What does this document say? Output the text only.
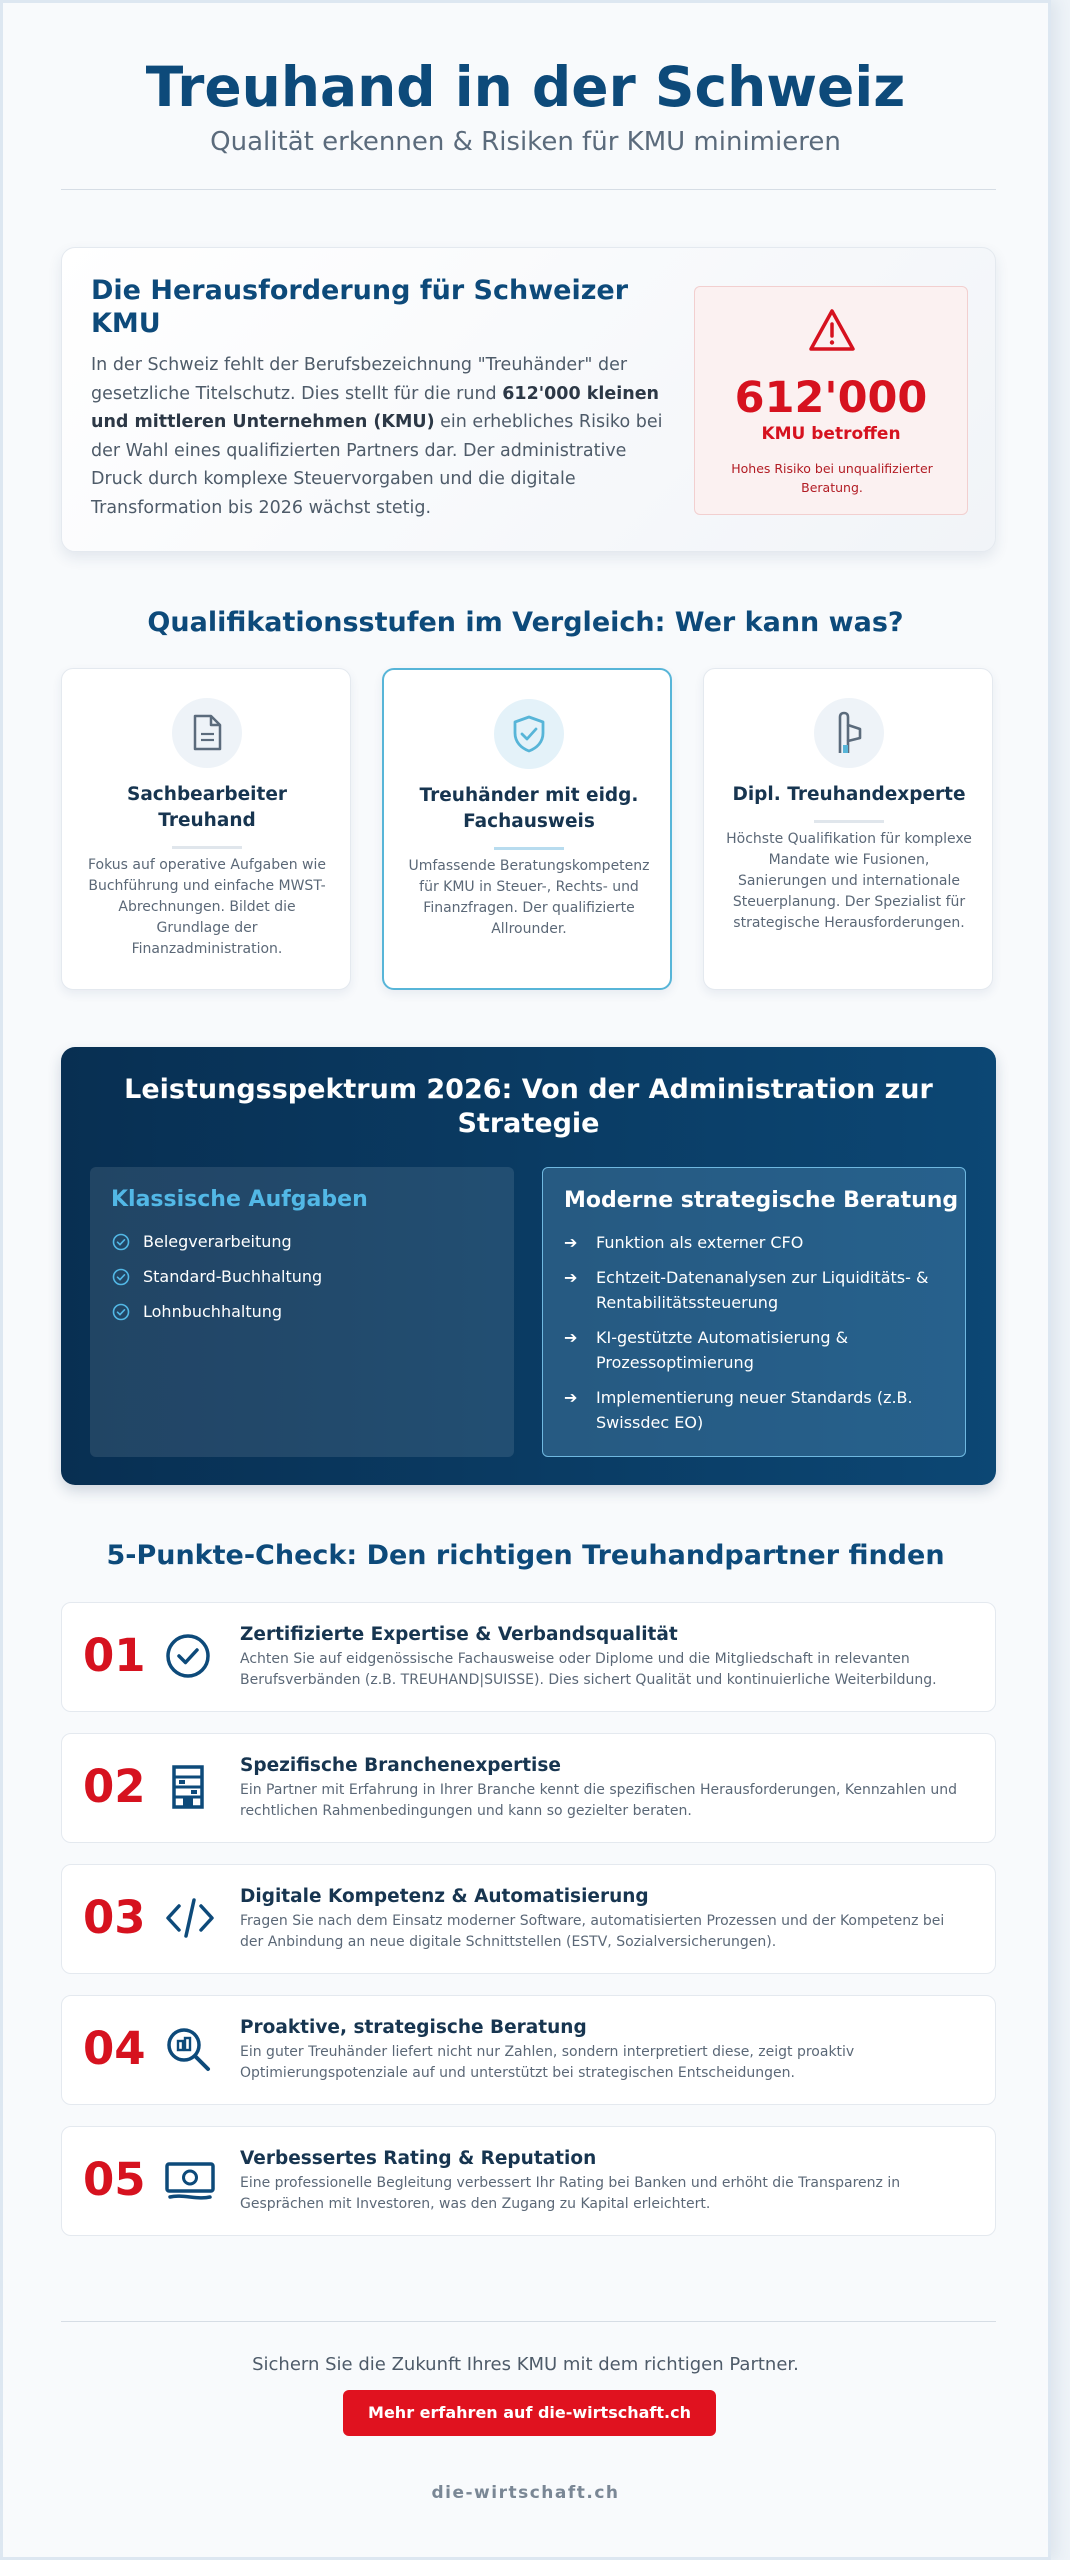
Treuhand in der Schweiz
Qualität erkennen & Risiken für KMU minimieren
Die Herausforderung für Schweizer KMU

In der Schweiz fehlt der Berufsbezeichnung "Treuhänder" der gesetzliche Titelschutz. Dies stellt für die rund 612'000 kleinen und mittleren Unternehmen (KMU) ein erhebliches Risiko bei der Wahl eines qualifizierten Partners dar. Der administrative Druck durch komplexe Steuervorgaben und die digitale Transformation bis 2026 wächst stetig.

612'000
KMU betroffen
Hohes Risiko bei unqualifizierter Beratung.
Qualifikationsstufen im Vergleich: Wer kann was?
Sachbearbeiter Treuhand
Fokus auf operative Aufgaben wie Buchführung und einfache MWST-Abrechnungen. Bildet die Grundlage der Finanzadministration.
Treuhänder mit eidg. Fachausweis
Umfassende Beratungskompetenz für KMU in Steuer-, Rechts- und Finanzfragen. Der qualifizierte Allrounder.
Dipl. Treuhandexperte
Höchste Qualifikation für komplexe Mandate wie Fusionen, Sanierungen und internationale Steuerplanung. Der Spezialist für strategische Herausforderungen.
Leistungsspektrum 2026: Von der Administration zur Strategie
Klassische Aufgaben
Belegverarbeitung
Standard-Buchhaltung
Lohnbuchhaltung
Moderne strategische Beratung
➔	Funktion als externer CFO
➔	Echtzeit-Datenanalysen zur Liquiditäts- & Rentabilitätssteuerung
➔	KI-gestützte Automatisierung & Prozessoptimierung
➔	Implementierung neuer Standards (z.B. Swissdec EO)
5-Punkte-Check: Den richtigen Treuhandpartner finden
01	Zertifizierte Expertise & Verbandsqualität
Achten Sie auf eidgenössische Fachausweise oder Diplome und die Mitgliedschaft in relevanten Berufsverbänden (z.B. TREUHAND|SUISSE). Dies sichert Qualität und kontinuierliche Weiterbildung.
02	Spezifische Branchenexpertise
Ein Partner mit Erfahrung in Ihrer Branche kennt die spezifischen Herausforderungen, Kennzahlen und rechtlichen Rahmenbedingungen und kann so gezielter beraten.
03	Digitale Kompetenz & Automatisierung
Fragen Sie nach dem Einsatz moderner Software, automatisierten Prozessen und der Kompetenz bei der Anbindung an neue digitale Schnittstellen (ESTV, Sozialversicherungen).
04	Proaktive, strategische Beratung
Ein guter Treuhänder liefert nicht nur Zahlen, sondern interpretiert diese, zeigt proaktiv Optimierungspotenziale auf und unterstützt bei strategischen Entscheidungen.
05	Verbessertes Rating & Reputation
Eine professionelle Begleitung verbessert Ihr Rating bei Banken und erhöht die Transparenz in Gesprächen mit Investoren, was den Zugang zu Kapital erleichtert.
Sichern Sie die Zukunft Ihres KMU mit dem richtigen Partner.
Mehr erfahren auf die-wirtschaft.ch
die-wirtschaft.ch
